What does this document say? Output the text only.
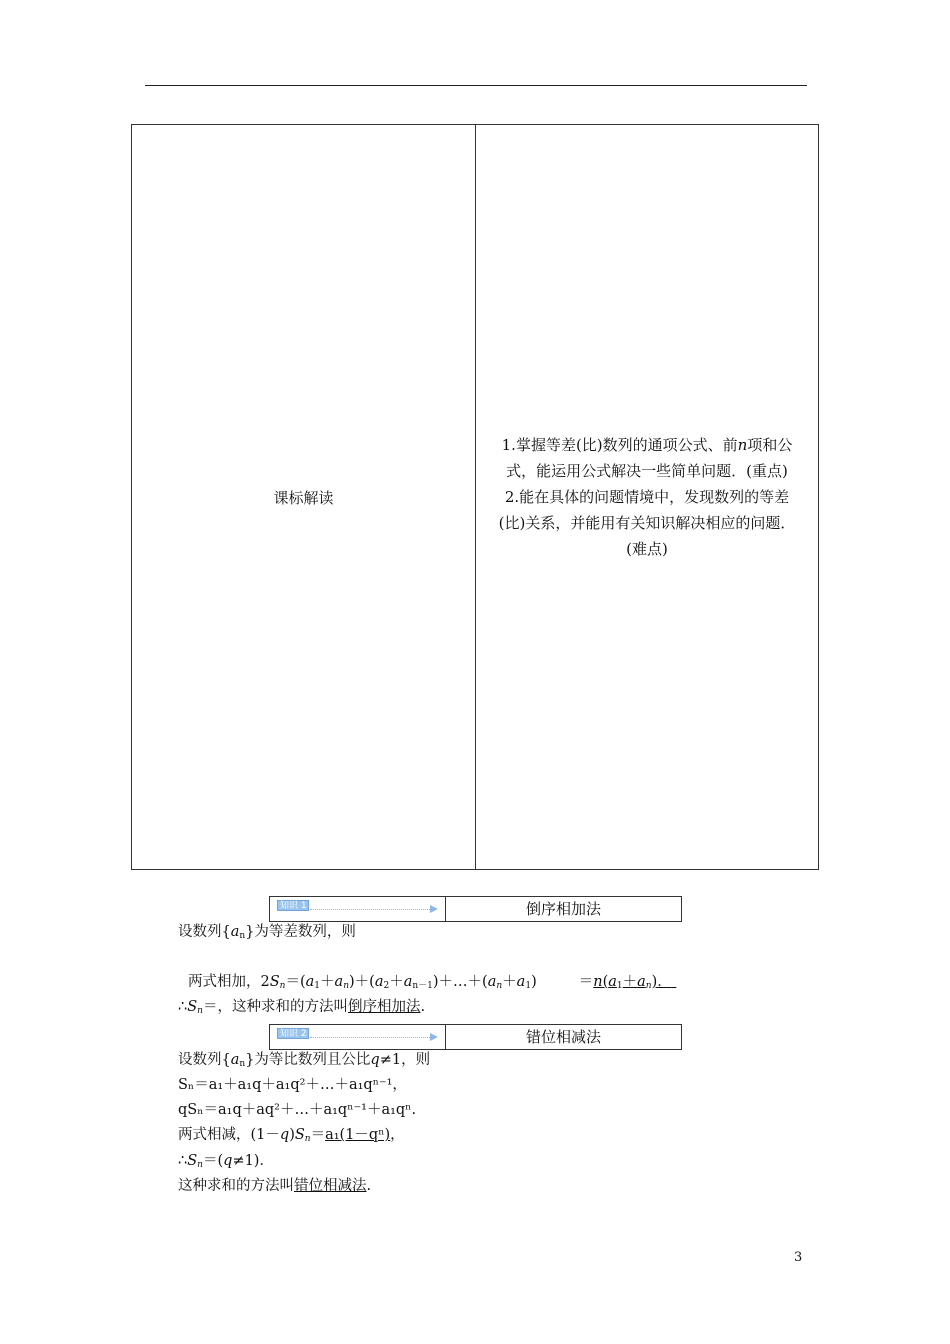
课标解读	
1.掌握等差(比)数列的通项公式、前n项和公
式，能运用公式解决一些简单问题．(重点)
2.能在具体的问题情境中，发现数列的等差
(比)关系，并能用有关知识解决相应的问题．
(难点)
知识 1	倒序相加法
设数列$\{a_n\}$为等差数列，则
两式相加，$2S_n=(a_1+a_n)+(a_2+a_{n-1})+\dots+(a_n+a_1)$	$=n(a_1+a_n)$．
$\therefore S_n=$，这种求和的方法叫倒序相加法.
知识 2	错位相减法
设数列$\{a_n\}$为等比数列且公比q≠1，则
Sₙ＝a₁＋a₁q＋a₁q²＋…＋a₁qⁿ⁻¹，
qSₙ＝a₁q＋aq²＋…＋a₁qⁿ⁻¹＋a₁qⁿ.
两式相减，$(1-q)S_n=a_1(1-q^n)$，
$\therefore S_n=(q\ne 1)$．
这种求和的方法叫错位相减法.
3
